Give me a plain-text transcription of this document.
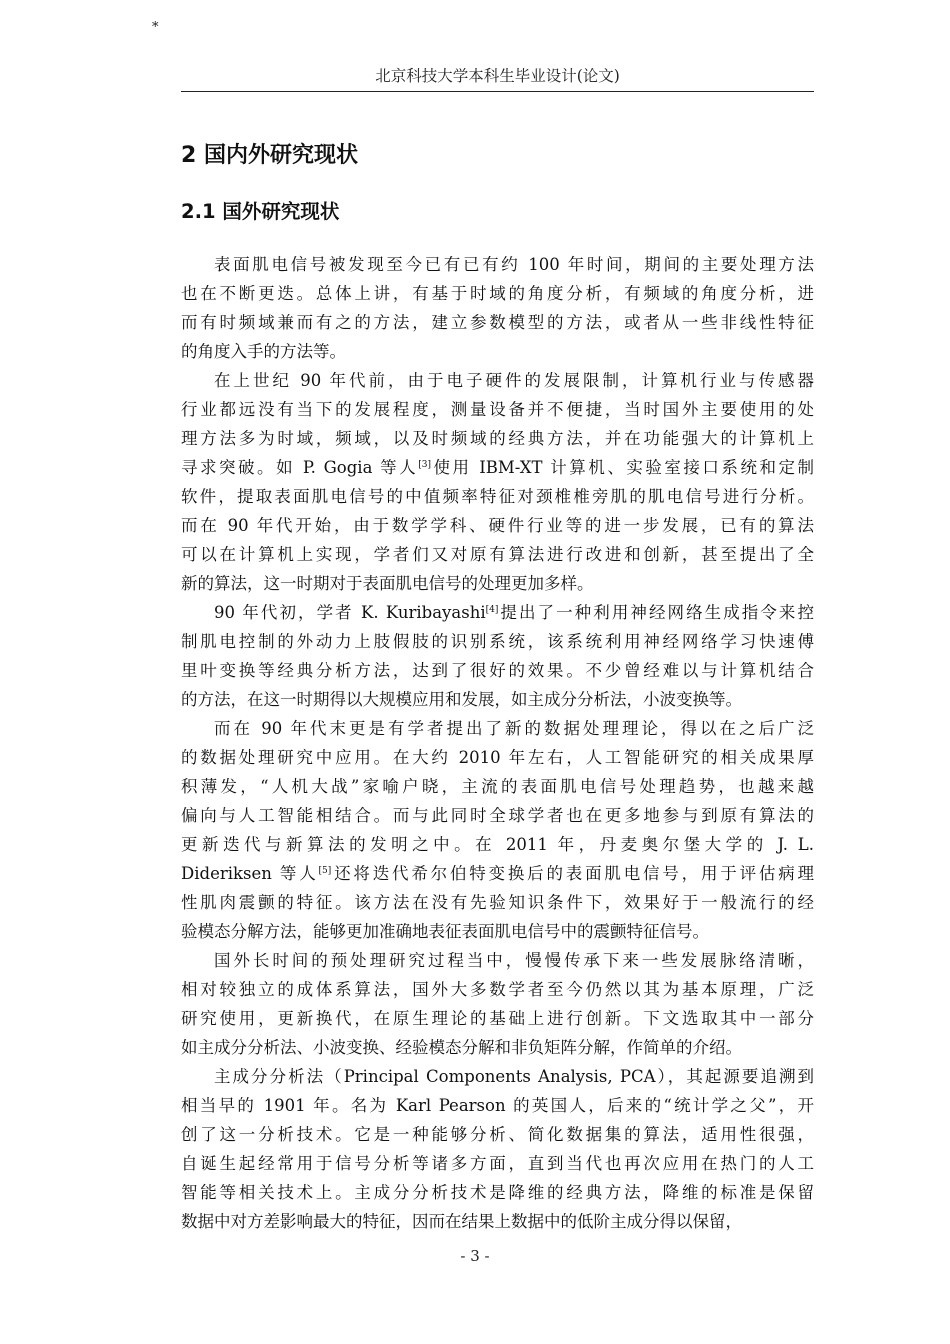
*
北京科技大学本科生毕业设计(论文)
2 国内外研究现状
2.1 国外研究现状
表面肌电信号被发现至今已有已有约 100 年时间，期间的主要处理方法
也在不断更迭。总体上讲，有基于时域的角度分析，有频域的角度分析，进
而有时频域兼而有之的方法，建立参数模型的方法，或者从一些非线性特征
的角度入手的方法等。
在上世纪 90 年代前，由于电子硬件的发展限制，计算机行业与传感器
行业都远没有当下的发展程度，测量设备并不便捷，当时国外主要使用的处
理方法多为时域，频域，以及时频域的经典方法，并在功能强大的计算机上
寻求突破。如 P. Gogia 等人[3]使用 IBM-XT 计算机、实验室接口系统和定制
软件，提取表面肌电信号的中值频率特征对颈椎椎旁肌的肌电信号进行分析。
而在 90 年代开始，由于数学学科、硬件行业等的进一步发展，已有的算法
可以在计算机上实现，学者们又对原有算法进行改进和创新，甚至提出了全
新的算法，这一时期对于表面肌电信号的处理更加多样。
90 年代初，学者 K. Kuribayashi[4]提出了一种利用神经网络生成指令来控
制肌电控制的外动力上肢假肢的识别系统，该系统利用神经网络学习快速傅
里叶变换等经典分析方法，达到了很好的效果。不少曾经难以与计算机结合
的方法，在这一时期得以大规模应用和发展，如主成分分析法，小波变换等。
而在 90 年代末更是有学者提出了新的数据处理理论，得以在之后广泛
的数据处理研究中应用。在大约 2010 年左右，人工智能研究的相关成果厚
积薄发，“人机大战”家喻户晓，主流的表面肌电信号处理趋势，也越来越
偏向与人工智能相结合。而与此同时全球学者也在更多地参与到原有算法的
更新迭代与新算法的发明之中。在 2011 年，丹麦奥尔堡大学的 J. L.
Dideriksen 等人[5]还将迭代希尔伯特变换后的表面肌电信号，用于评估病理
性肌肉震颤的特征。该方法在没有先验知识条件下，效果好于一般流行的经
验模态分解方法，能够更加准确地表征表面肌电信号中的震颤特征信号。
国外长时间的预处理研究过程当中，慢慢传承下来一些发展脉络清晰，
相对较独立的成体系算法，国外大多数学者至今仍然以其为基本原理，广泛
研究使用，更新换代，在原生理论的基础上进行创新。下文选取其中一部分
如主成分分析法、小波变换、经验模态分解和非负矩阵分解，作简单的介绍。
主成分分析法（Principal Components Analysis, PCA），其起源要追溯到
相当早的 1901 年。名为 Karl Pearson 的英国人，后来的“统计学之父”，开
创了这一分析技术。它是一种能够分析、简化数据集的算法，适用性很强，
自诞生起经常用于信号分析等诸多方面，直到当代也再次应用在热门的人工
智能等相关技术上。主成分分析技术是降维的经典方法，降维的标准是保留
数据中对方差影响最大的特征，因而在结果上数据中的低阶主成分得以保留，
- 3 -
